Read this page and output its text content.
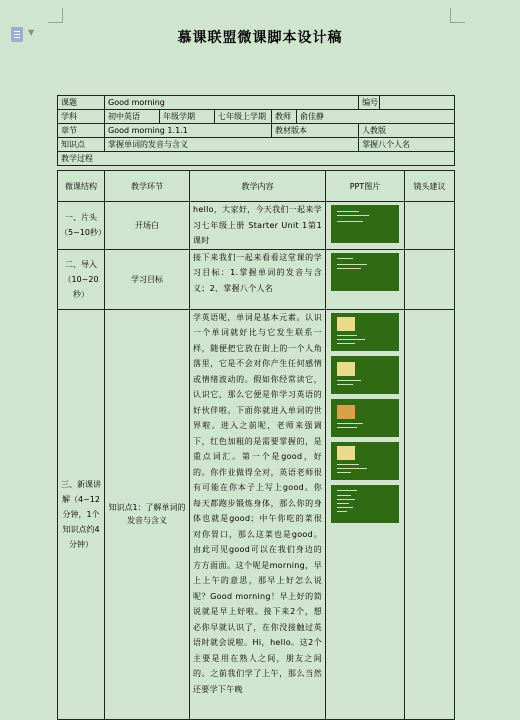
▼	慕课联盟微课脚本设计稿
课题	Good morning					编号	
学科	初中英语	年级学期	七年级上学期	教师	俞佳静		
章节	Good morning 1.1.1			教材版本		人教版	
知识点	掌握单词的发音与含义					掌握八个人名	
教学过程							
微课结构	教学环节	教学内容	PPT图片	镜头建议
一、片头（5~10秒）	开场白	hello，大家好，今天我们一起来学习七年级上册 Starter Unit 1第1课时	

二、导入（10~20秒）	学习目标	接下来我们一起来看看这堂课的学习目标：1.掌握单词的发音与含义；2、掌握八个人名	

三、新课讲解（4~12分钟，1个知识点约4分钟）	知识点1：了解单词的发音与含义	学英语呢，单词是基本元素。认识一个单词就好比与它发生联系一样，随便把它放在街上的一个人角落里，它是不会对你产生任何感情或情绪波动的。假如你经常读它，认识它，那么它便是你学习英语的好伙伴啦。下面你就进入单词的世界啦。进入之前呢，老师来强调下，红色加粗的是需要掌握的，是重点词汇。第一个是good，好的。你作业做得全对，英语老师很有可能在你本子上写上good。你每天都跑步锻炼身体，那么你的身体也就是good；中午你吃的菜很对你胃口，那么这菜也是good。由此可见good可以在我们身边的方方面面。这个呢是morning，早上上午的意思，那早上好怎么说呢？Good morning！早上好的简说就是早上好啦。接下来2个，想必你早就认识了，在你没接触过英语时就会说啦。Hi，hello。这2个主要是用在熟人之间，朋友之间的。之前我们学了上午，那么当然还要学下午晚	
